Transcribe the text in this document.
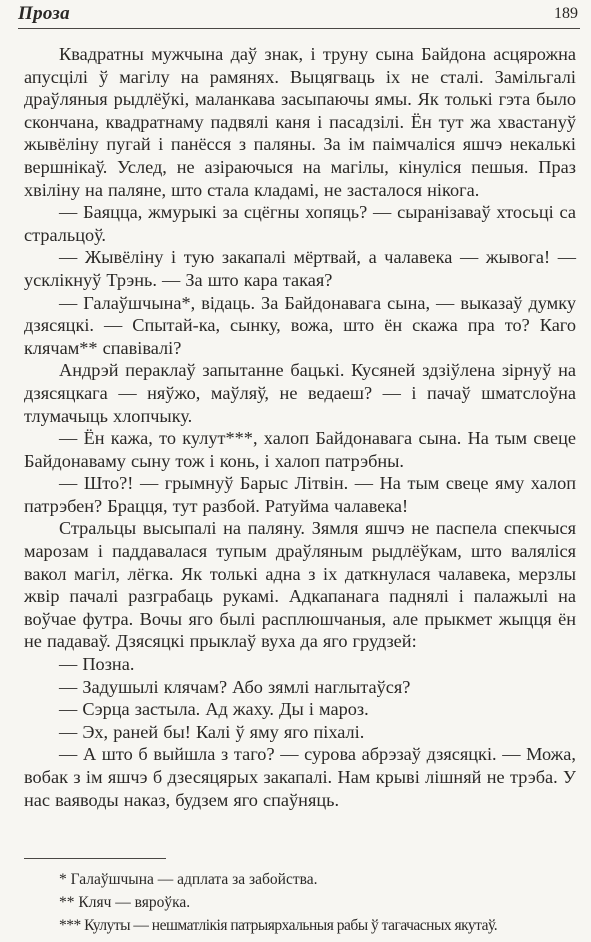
Проза	189

Квадратны мужчына даў знак, і труну сына Байдона асцярожна апусцілі ў магілу на рамянях. Выцягваць іх не сталі. Замільгалі драўляныя рыдлёўкі, маланкава засыпаючы ямы. Як толькі гэта было скончана, квадратнаму падвялі каня і пасадзілі. Ён тут жа хвастануў жывёліну пугай і панёсся з паляны. За ім паімчаліся яшчэ некалькі вершнікаў. Услед, не азіраючыся на магілы, кінуліся пешыя. Праз хвіліну на паляне, што стала кладамі, не засталося нікога.

— Баяцца, жмурыкі за сцёгны хопяць? — сыранізаваў хтосьці са стральцоў.

— Жывёліну і тую закапалі мёртвай, а чалавека — жывога! — усклікнуў Трэнь. — За што кара такая?

— Галаўшчына*, відаць. За Байдонавага сына, — выказаў думку дзясяцкі. — Спытай-ка, сынку, вожа, што ён скажа пра то? Каго клячам** спавівалі?

Андрэй пераклаў запытанне бацькі. Кусяней здзіўлена зірнуў на дзясяцкага — няўжо, маўляў, не ведаеш? — і пачаў шматслоўна тлумачыць хлопчыку.

— Ён кажа, то кулут***, халоп Байдонавага сына. На тым свеце Байдонаваму сыну тож і конь, і халоп патрэбны.

— Што?! — грымнуў Барыс Літвін. — На тым свеце яму халоп патрэбен? Брацця, тут разбой. Ратуйма чалавека!

Стральцы высыпалі на паляну. Зямля яшчэ не паспела спекчыся марозам і паддавалася тупым драўляным рыдлёўкам, што валяліся вакол магіл, лёгка. Як толькі адна з іх даткнулася чалавека, мерзлы жвір пачалі разграбаць рукамі. Адкапанага паднялі і палажылі на воўчае футра. Вочы яго былі расплюшчаныя, але прыкмет жыцця ён не падаваў. Дзясяцкі прыклаў вуха да яго грудзей:

— Позна.

— Задушылі клячам? Або зямлі наглытаўся?

— Сэрца застыла. Ад жаху. Ды і мароз.

— Эх, раней бы! Калі ў яму яго піхалі.

— А што б выйшла з таго? — сурова абрэзаў дзясяцкі. — Можа, вобак з ім яшчэ б дзесяцярых закапалі. Нам крыві лішняй не трэба. У нас ваяводы наказ, будзем яго спаўняць.

* Галаўшчына — адплата за забойства.

** Кляч — вяроўка.

*** Кулуты — нешматлікія патрыярхальныя рабы ў тагачасных якутаў.
